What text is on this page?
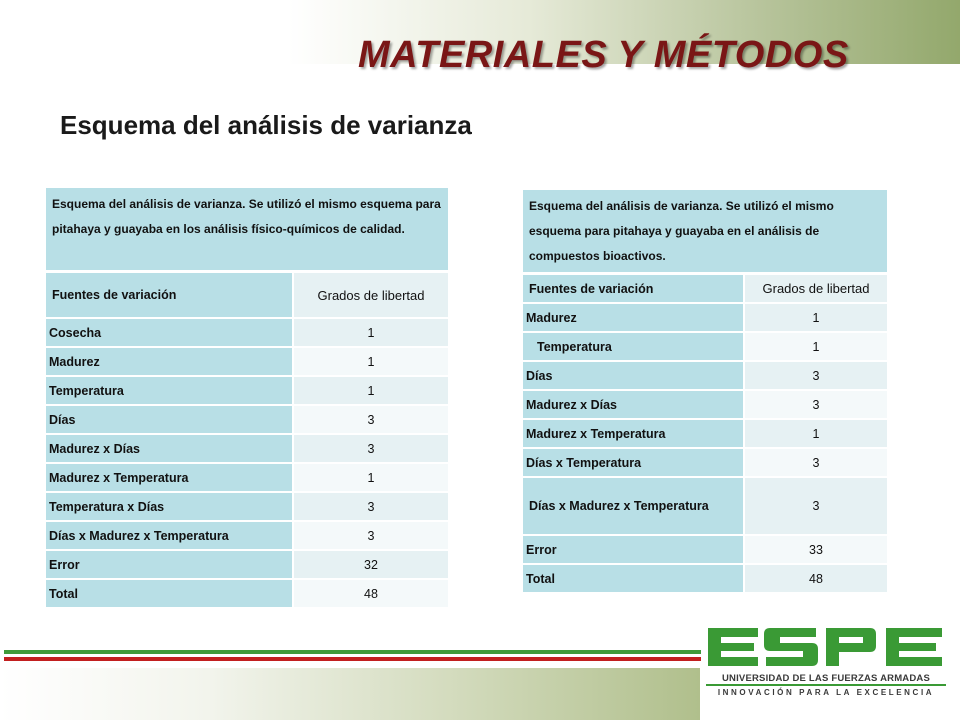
MATERIALES Y MÉTODOS
Esquema del análisis de varianza
Esquema del análisis de varianza. Se utilizó el mismo esquema para pitahaya y guayaba en los análisis físico-químicos de calidad.	
Fuentes de variación	Grados de libertad
Cosecha	1
Madurez	1
Temperatura	1
Días	3
Madurez x Días	3
Madurez x Temperatura	1
Temperatura x Días	3
Días x Madurez x Temperatura	3
Error	32
Total	48
Esquema del análisis de varianza. Se utilizó el mismo esquema para pitahaya y guayaba en el análisis de compuestos bioactivos.	
Fuentes de variación	Grados de libertad
Madurez	1
Temperatura	1
Días	3
Madurez x Días	3
Madurez x Temperatura	1
Días x Temperatura	3
Días x Madurez x Temperatura	3
Error	33
Total	48
UNIVERSIDAD DE LAS FUERZAS ARMADAS
INNOVACIÓN PARA LA EXCELENCIA
